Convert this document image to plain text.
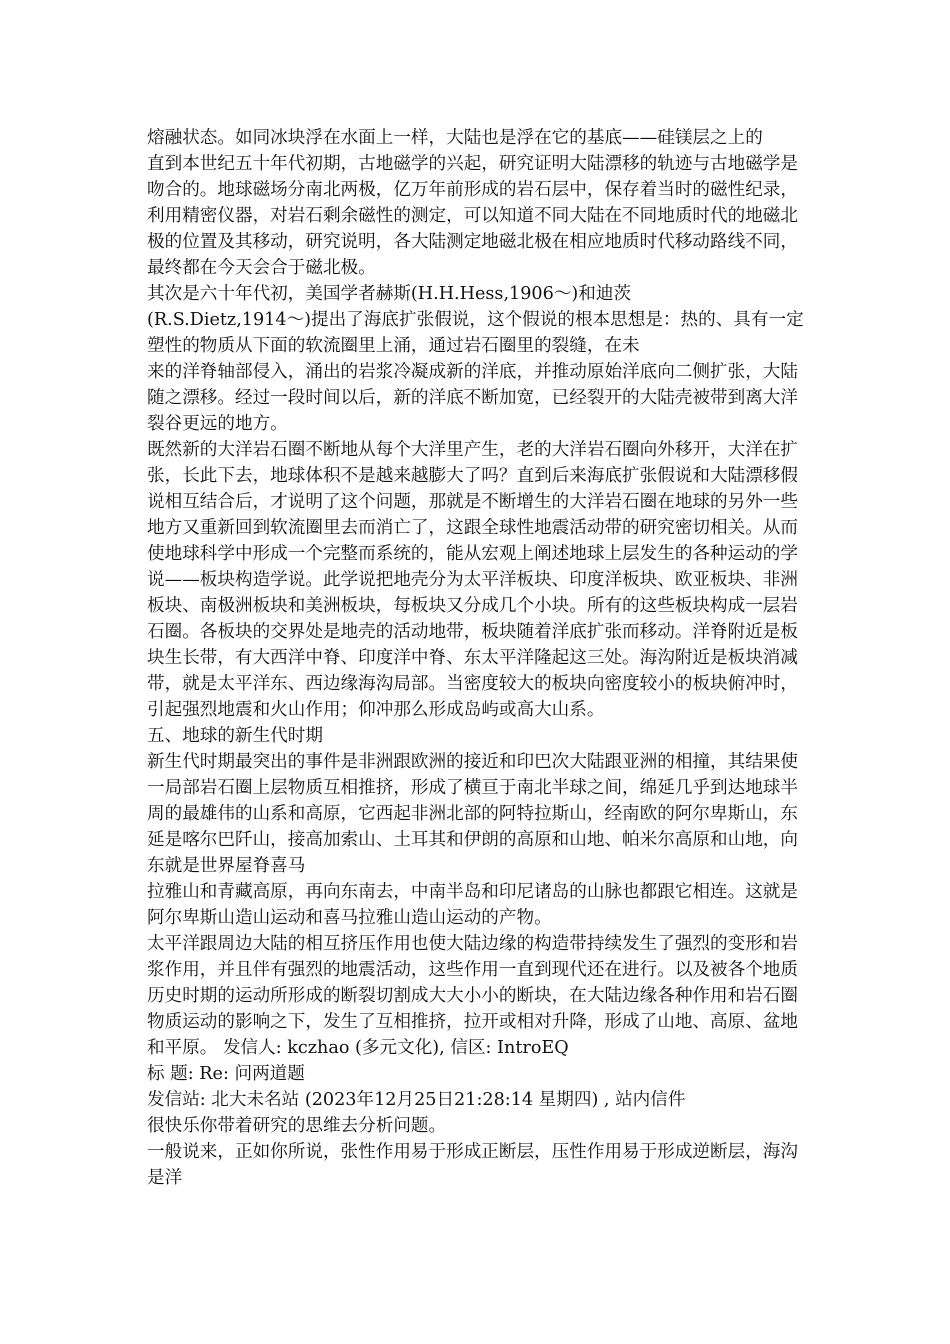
熔融状态。如同冰块浮在水面上一样，大陆也是浮在它的基底——硅镁层之上的

直到本世纪五十年代初期，古地磁学的兴起，研究证明大陆漂移的轨迹与古地磁学是吻合的。地球磁场分南北两极，亿万年前形成的岩石层中，保存着当时的磁性纪录，利用精密仪器，对岩石剩余磁性的测定，可以知道不同大陆在不同地质时代的地磁北极的位置及其移动，研究说明，各大陆测定地磁北极在相应地质时代移动路线不同，最终都在今天会合于磁北极。

其次是六十年代初，美国学者赫斯(H.H.Hess,1906～)和迪茨

(R.S.Dietz,1914～)提出了海底扩张假说，这个假说的根本思想是：热的、具有一定塑性的物质从下面的软流圈里上涌，通过岩石圈里的裂缝，在未

来的洋脊轴部侵入，涌出的岩浆冷凝成新的洋底，并推动原始洋底向二侧扩张，大陆随之漂移。经过一段时间以后，新的洋底不断加宽，已经裂开的大陆壳被带到离大洋裂谷更远的地方。

既然新的大洋岩石圈不断地从每个大洋里产生，老的大洋岩石圈向外移开，大洋在扩张，长此下去，地球体积不是越来越膨大了吗？直到后来海底扩张假说和大陆漂移假说相互结合后，才说明了这个问题，那就是不断增生的大洋岩石圈在地球的另外一些地方又重新回到软流圈里去而消亡了，这跟全球性地震活动带的研究密切相关。从而使地球科学中形成一个完整而系统的，能从宏观上阐述地球上层发生的各种运动的学说——板块构造学说。此学说把地壳分为太平洋板块、印度洋板块、欧亚板块、非洲板块、南极洲板块和美洲板块，每板块又分成几个小块。所有的这些板块构成一层岩石圈。各板块的交界处是地壳的活动地带，板块随着洋底扩张而移动。洋脊附近是板块生长带，有大西洋中脊、印度洋中脊、东太平洋隆起这三处。海沟附近是板块消减带，就是太平洋东、西边缘海沟局部。当密度较大的板块向密度较小的板块俯冲时，引起强烈地震和火山作用；仰冲那么形成岛屿或高大山系。

五、地球的新生代时期

新生代时期最突出的事件是非洲跟欧洲的接近和印巴次大陆跟亚洲的相撞，其结果使一局部岩石圈上层物质互相推挤，形成了横亘于南北半球之间，绵延几乎到达地球半周的最雄伟的山系和高原，它西起非洲北部的阿特拉斯山，经南欧的阿尔卑斯山，东延是喀尔巴阡山，接高加索山、土耳其和伊朗的高原和山地、帕米尔高原和山地，向东就是世界屋脊喜马

拉雅山和青藏高原，再向东南去，中南半岛和印尼诸岛的山脉也都跟它相连。这就是阿尔卑斯山造山运动和喜马拉雅山造山运动的产物。

太平洋跟周边大陆的相互挤压作用也使大陆边缘的构造带持续发生了强烈的变形和岩浆作用，并且伴有强烈的地震活动，这些作用一直到现代还在进行。以及被各个地质历史时期的运动所形成的断裂切割成大大小小的断块，在大陆边缘各种作用和岩石圈物质运动的影响之下，发生了互相推挤，拉开或相对升降，形成了山地、高原、盆地和平原。 发信人: kczhao (多元文化), 信区: IntroEQ

标 题: Re: 问两道题

发信站: 北大未名站 (2023年12月25日21:28:14 星期四) , 站内信件

很快乐你带着研究的思维去分析问题。

一般说来，正如你所说，张性作用易于形成正断层，压性作用易于形成逆断层，海沟是洋
